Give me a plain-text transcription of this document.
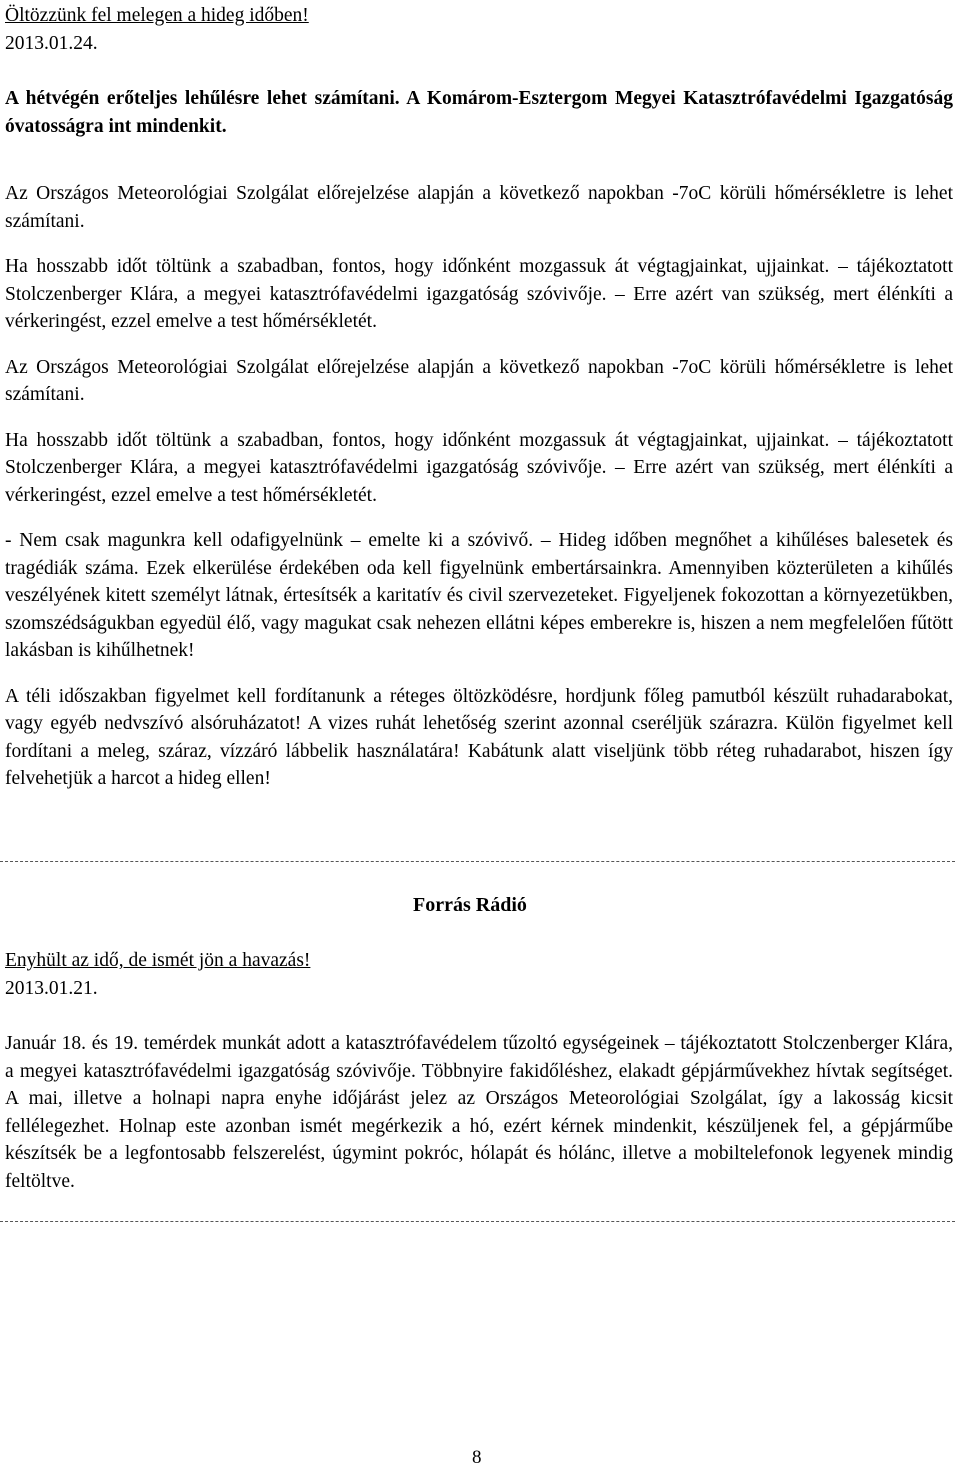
Öltözzünk fel melegen a hideg időben!
2013.01.24.

A hétvégén erőteljes lehűlésre lehet számítani. A Komárom-Esztergom Megyei Katasztrófavédelmi Igazgatóság óvatosságra int mindenkit.

Az Országos Meteorológiai Szolgálat előrejelzése alapján a következő napokban -7oC körüli hőmérsékletre is lehet számítani.

Ha hosszabb időt töltünk a szabadban, fontos, hogy időnként mozgassuk át végtagjainkat, ujjainkat. – tájékoztatott Stolczenberger Klára, a megyei katasztrófavédelmi igazgatóság szóvivője. – Erre azért van szükség, mert élénkíti a vérkeringést, ezzel emelve a test hőmérsékletét.

Az Országos Meteorológiai Szolgálat előrejelzése alapján a következő napokban -7oC körüli hőmérsékletre is lehet számítani.

Ha hosszabb időt töltünk a szabadban, fontos, hogy időnként mozgassuk át végtagjainkat, ujjainkat. – tájékoztatott Stolczenberger Klára, a megyei katasztrófavédelmi igazgatóság szóvivője. – Erre azért van szükség, mert élénkíti a vérkeringést, ezzel emelve a test hőmérsékletét.

- Nem csak magunkra kell odafigyelnünk – emelte ki a szóvivő. – Hideg időben megnőhet a kihűléses balesetek és tragédiák száma. Ezek elkerülése érdekében oda kell figyelnünk embertársainkra. Amennyiben közterületen a kihűlés veszélyének kitett személyt látnak, értesítsék a karitatív és civil szervezeteket. Figyeljenek fokozottan a környezetükben, szomszédságukban egyedül élő, vagy magukat csak nehezen ellátni képes emberekre is, hiszen a nem megfelelően fűtött lakásban is kihűlhetnek!

A téli időszakban figyelmet kell fordítanunk a réteges öltözködésre, hordjunk főleg pamutból készült ruhadarabokat, vagy egyéb nedvszívó alsóruházatot! A vizes ruhát lehetőség szerint azonnal cseréljük szárazra. Külön figyelmet kell fordítani a meleg, száraz, vízzáró lábbelik használatára! Kabátunk alatt viseljünk több réteg ruhadarabot, hiszen így felvehetjük a harcot a hideg ellen!

Forrás Rádió
Enyhült az idő, de ismét jön a havazás!
2013.01.21.

Január 18. és 19. temérdek munkát adott a katasztrófavédelem tűzoltó egységeinek – tájékoztatott Stolczenberger Klára, a megyei katasztrófavédelmi igazgatóság szóvivője. Többnyire fakidőléshez, elakadt gépjárművekhez hívtak segítséget. A mai, illetve a holnapi napra enyhe időjárást jelez az Országos Meteorológiai Szolgálat, így a lakosság kicsit fellélegezhet. Holnap este azonban ismét megérkezik a hó, ezért kérnek mindenkit, készüljenek fel, a gépjárműbe készítsék be a legfontosabb felszerelést, úgymint pokróc, hólapát és hólánc, illetve a mobiltelefonok legyenek mindig feltöltve.

8
